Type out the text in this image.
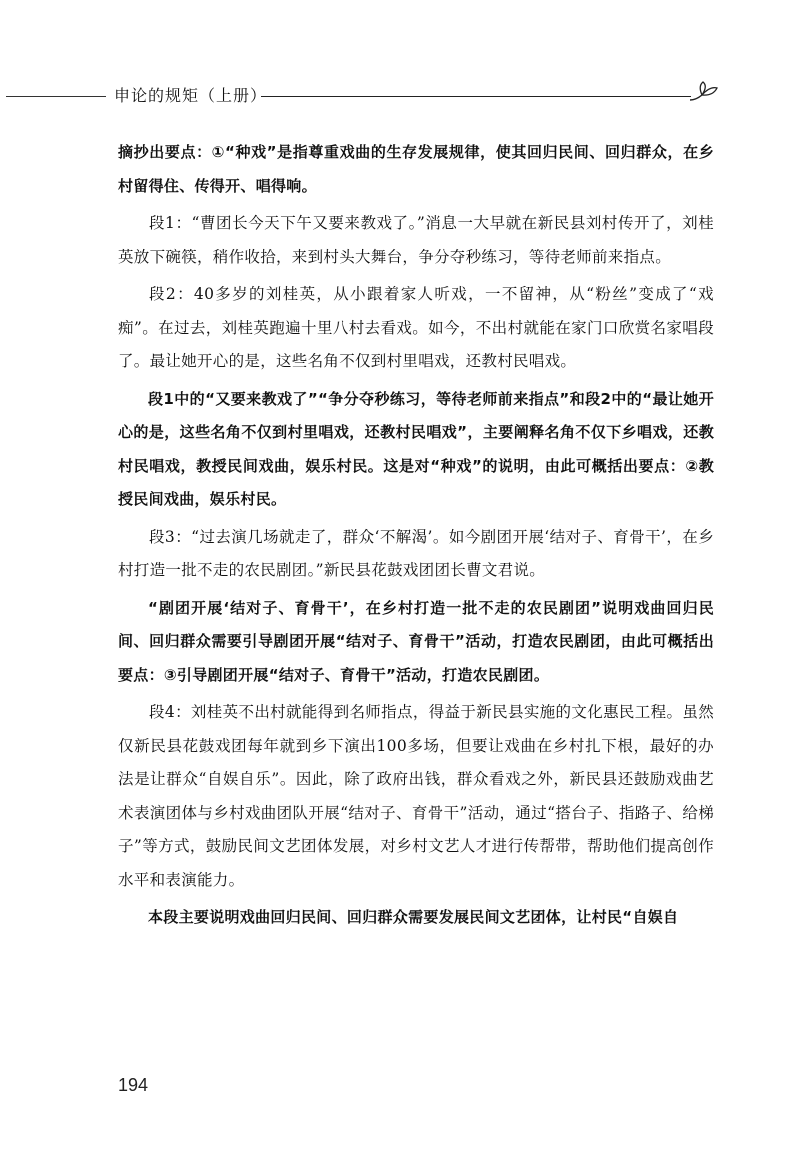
申论的规矩（上册）

摘抄出要点：①“种戏”是指尊重戏曲的生存发展规律，使其回归民间、回归群众，在乡村留得住、传得开、唱得响。

段1：“曹团长今天下午又要来教戏了。”消息一大早就在新民县刘村传开了，刘桂英放下碗筷，稍作收拾，来到村头大舞台，争分夺秒练习，等待老师前来指点。

段2：40多岁的刘桂英，从小跟着家人听戏，一不留神，从“粉丝”变成了“戏痴”。在过去，刘桂英跑遍十里八村去看戏。如今，不出村就能在家门口欣赏名家唱段了。最让她开心的是，这些名角不仅到村里唱戏，还教村民唱戏。

段1中的“又要来教戏了”“争分夺秒练习，等待老师前来指点”和段2中的“最让她开心的是，这些名角不仅到村里唱戏，还教村民唱戏”，主要阐释名角不仅下乡唱戏，还教村民唱戏，教授民间戏曲，娱乐村民。这是对“种戏”的说明，由此可概括出要点：②教授民间戏曲，娱乐村民。

段3：“过去演几场就走了，群众‘不解渴’。如今剧团开展‘结对子、育骨干’，在乡村打造一批不走的农民剧团。”新民县花鼓戏团团长曹文君说。

“剧团开展‘结对子、育骨干’，在乡村打造一批不走的农民剧团”说明戏曲回归民间、回归群众需要引导剧团开展“结对子、育骨干”活动，打造农民剧团，由此可概括出要点：③引导剧团开展“结对子、育骨干”活动，打造农民剧团。

段4：刘桂英不出村就能得到名师指点，得益于新民县实施的文化惠民工程。虽然仅新民县花鼓戏团每年就到乡下演出100多场，但要让戏曲在乡村扎下根，最好的办法是让群众“自娱自乐”。因此，除了政府出钱，群众看戏之外，新民县还鼓励戏曲艺术表演团体与乡村戏曲团队开展“结对子、育骨干”活动，通过“搭台子、指路子、给梯子”等方式，鼓励民间文艺团体发展，对乡村文艺人才进行传帮带，帮助他们提高创作水平和表演能力。

本段主要说明戏曲回归民间、回归群众需要发展民间文艺团体，让村民“自娱自

194
